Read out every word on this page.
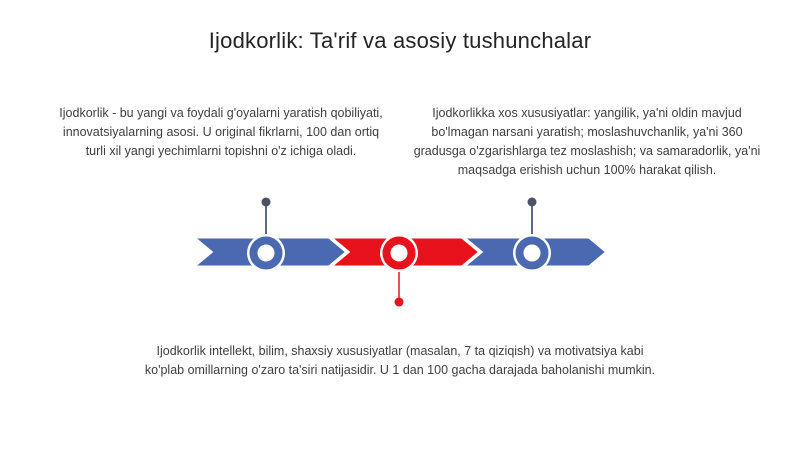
Ijodkorlik: Ta'rif va asosiy tushunchalar

Ijodkorlik - bu yangi va foydali g'oyalarni yaratish qobiliyati, innovatsiyalarning asosi. U original fikrlarni, 100 dan ortiq turli xil yangi yechimlarni topishni o'z ichiga oladi.

Ijodkorlikka xos xususiyatlar: yangilik, ya'ni oldin mavjud bo'lmagan narsani yaratish; moslashuvchanlik, ya'ni 360 gradusga o'zgarishlarga tez moslashish; va samaradorlik, ya'ni maqsadga erishish uchun 100% harakat qilish.

Ijodkorlik intellekt, bilim, shaxsiy xususiyatlar (masalan, 7 ta qiziqish) va motivatsiya kabi ko'plab omillarning o'zaro ta'siri natijasidir. U 1 dan 100 gacha darajada baholanishi mumkin.
